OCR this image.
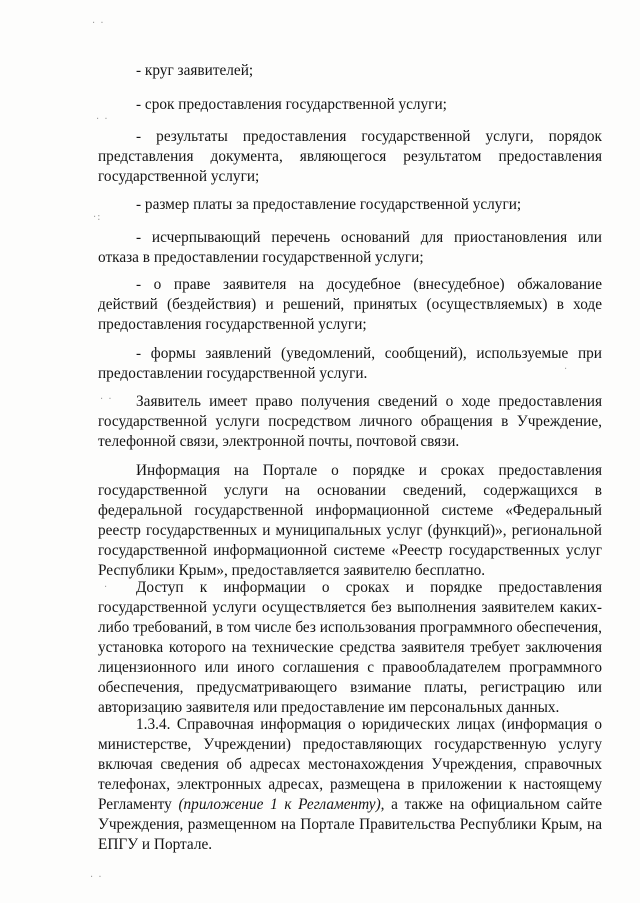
- круг заявителей;

- срок предоставления государственной услуги;

- результаты предоставления государственной услуги, порядок представления документа, являющегося результатом предоставления государственной услуги;

- размер платы за предоставление государственной услуги;

- исчерпывающий перечень оснований для приостановления или отказа в предоставлении государственной услуги;

- о праве заявителя на досудебное (внесудебное) обжалование действий (бездействия) и решений, принятых (осуществляемых) в ходе предоставления государственной услуги;

- формы заявлений (уведомлений, сообщений), используемые при предоставлении государственной услуги.

Заявитель имеет право получения сведений о ходе предоставления государственной услуги посредством личного обращения в Учреждение, телефонной связи, электронной почты, почтовой связи.

Информация на Портале о порядке и сроках предоставления государственной услуги на основании сведений, содержащихся в федеральной государственной информационной системе «Федеральный реестр государственных и муниципальных услуг (функций)», региональной государственной информационной системе «Реестр государственных услуг Республики Крым», предоставляется заявителю бесплатно.

Доступ к информации о сроках и порядке предоставления государственной услуги осуществляется без выполнения заявителем каких-либо требований, в том числе без использования программного обеспечения, установка которого на технические средства заявителя требует заключения лицензионного или иного соглашения с правообладателем программного обеспечения, предусматривающего взимание платы, регистрацию или авторизацию заявителя или предоставление им персональных данных.

1.3.4. Справочная информация о юридических лицах (информация о министерстве, Учреждении) предоставляющих государственную услугу включая сведения об адресах местонахождения Учреждения, справочных телефонах, электронных адресах, размещена в приложении к настоящему Регламенту (приложение 1 к Регламенту), а также на официальном сайте Учреждения, размещенном на Портале Правительства Республики Крым, на ЕПГУ и Портале.

· ·
· ·
·:
· ·
·
·
· ·
